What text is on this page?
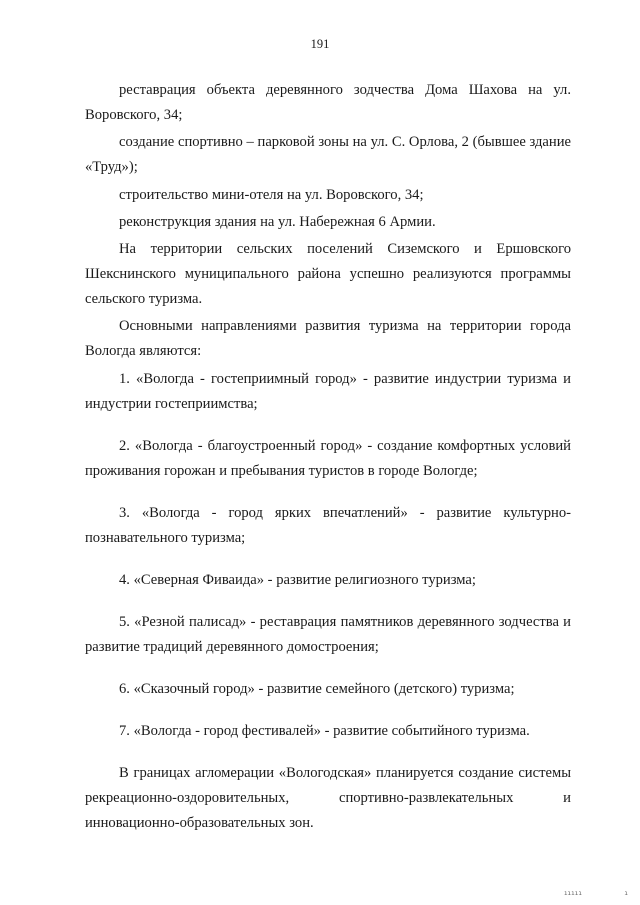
191

реставрация объекта деревянного зодчества Дома Шахова на ул. Воровского, 34;

создание спортивно – парковой зоны на ул. С. Орлова, 2 (бывшее здание «Труд»);

строительство мини-отеля на ул. Воровского, 34;

реконструкция здания на ул. Набережная 6 Армии.

На территории сельских поселений Сиземского и Ершовского Шекснинского муниципального района успешно реализуются программы сельского туризма.

Основными направлениями развития туризма на территории города Вологда являются:

1. «Вологда - гостеприимный город» - развитие индустрии туризма и индустрии гостеприимства;

2. «Вологда - благоустроенный город» - создание комфортных условий проживания горожан и пребывания туристов в городе Вологде;

3. «Вологда - город ярких впечатлений» - развитие культурно-познавательного туризма;

4. «Северная Фиваида» - развитие религиозного туризма;

5. «Резной палисад» - реставрация памятников деревянного зодчества и развитие традиций деревянного домостроения;

6. «Сказочный город» - развитие семейного (детского) туризма;

7. «Вологда - город фестивалей» - развитие событийного туризма.

В границах агломерации «Вологодская» планируется создание системы рекреационно-оздоровительных, спортивно-развлекательных и инновационно-образовательных зон.

ııııı	ı
